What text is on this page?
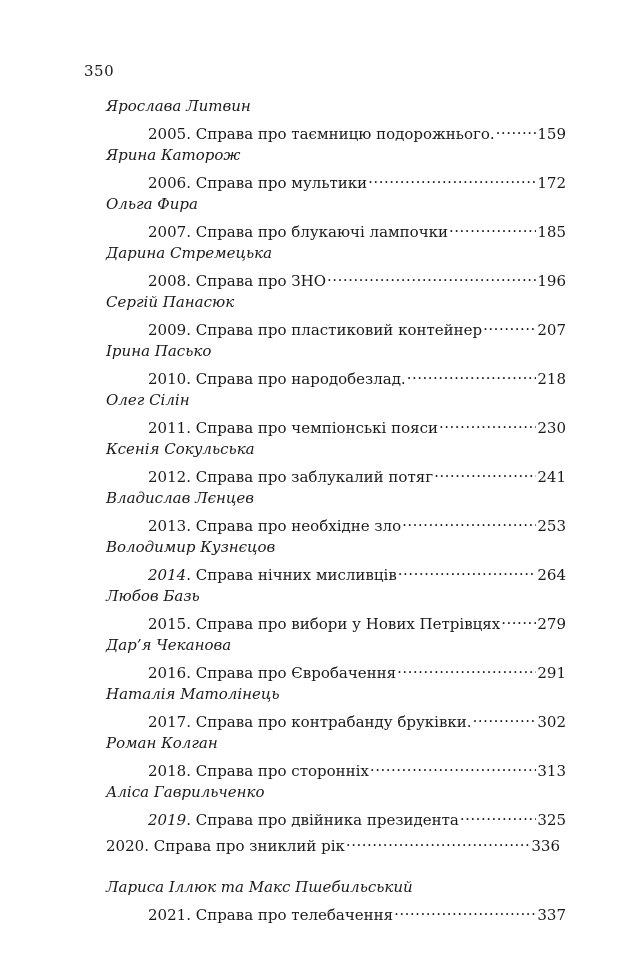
350
Ярослава Литвин
2005 . Справа про таємницю подорожнього. .....	159
Ярина Каторож
2006 . Справа про мультики .....	172
Ольга Фира
2007 . Справа про блукаючі лампочки .....	185
Дарина Стремецька
2008 . Справа про ЗНО .....	196
Сергій Панасюк
2009 . Справа про пластиковий контейнер .....	207
Ірина Пасько
2010 . Справа про народобезлад. .....	218
Олег Сілін
2011 . Справа про чемпіонські пояси .....	230
Ксенія Сокульська
2012 . Справа про заблукалий потяг .....	241
Владислав Лєнцев
2013 . Справа про необхідне зло .....	253
Володимир Кузнєцов
2014 . Справа нічних мисливців .....	264
Любов Базь
2015 . Справа про вибори у Нових Петрівцях ..... 279
Дар’я Чеканова
2016 . Справа про Євробачення .....	291
Наталія Матолінець
2017 . Справа про контрабанду бруківки. .....	302
Роман Колган
2018 . Справа про сторонніх .....	313
Аліса Гаврильченко
2019 . Справа про двійника президента .....	325
2020 . Справа про зниклий рік .....	336
Лариса Іллюк та Макс Пшебильський
2021 . Справа про телебачення .....	337
